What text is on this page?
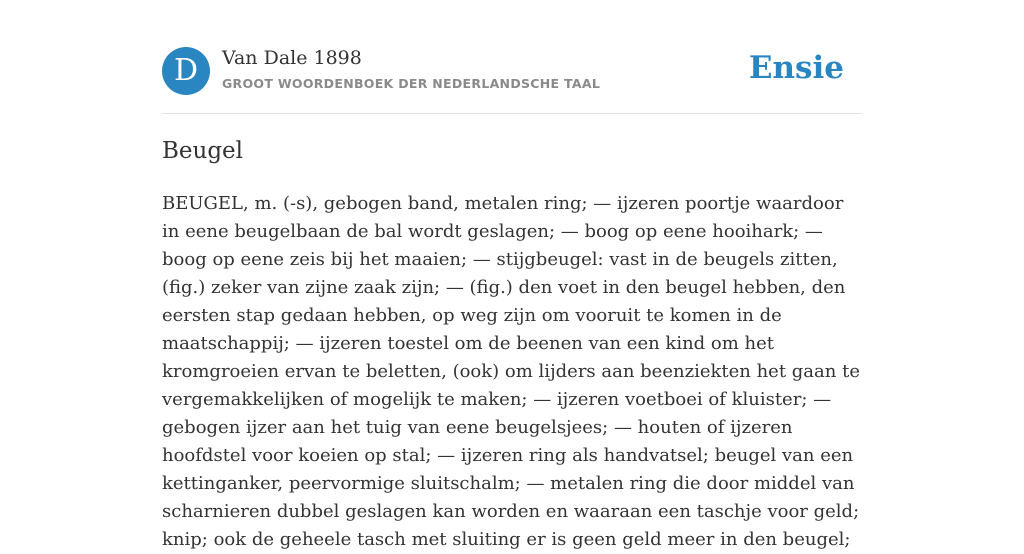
D	Van Dale 1898
GROOT WOORDENBOEK DER NEDERLANDSCHE TAAL	Ensie
Beugel

BEUGEL, m. (-s), gebogen band, metalen ring; — ijzeren poortje waardoor in eene beugelbaan de bal wordt geslagen; — boog op eene hooihark; — boog op eene zeis bij het maaien; — stijgbeugel: vast in de beugels zitten, (fig.) zeker van zijne zaak zijn; — (fig.) den voet in den beugel hebben, den eersten stap gedaan hebben, op weg zijn om vooruit te komen in de maatschappij; — ijzeren toestel om de beenen van een kind om het kromgroeien ervan te beletten, (ook) om lijders aan beenziekten het gaan te vergemakkelijken of mogelijk te maken; — ijzeren voetboei of kluister; — gebogen ijzer aan het tuig van eene beugelsjees; — houten of ijzeren hoofdstel voor koeien op stal; — ijzeren ring als handvatsel; beugel van een kettinganker, peervormige sluitschalm; — metalen ring die door middel van scharnieren dubbel geslagen kan worden en waaraan een taschje voor geld; knip; ook de geheele tasch met sluiting er is geen geld meer in den beugel;
